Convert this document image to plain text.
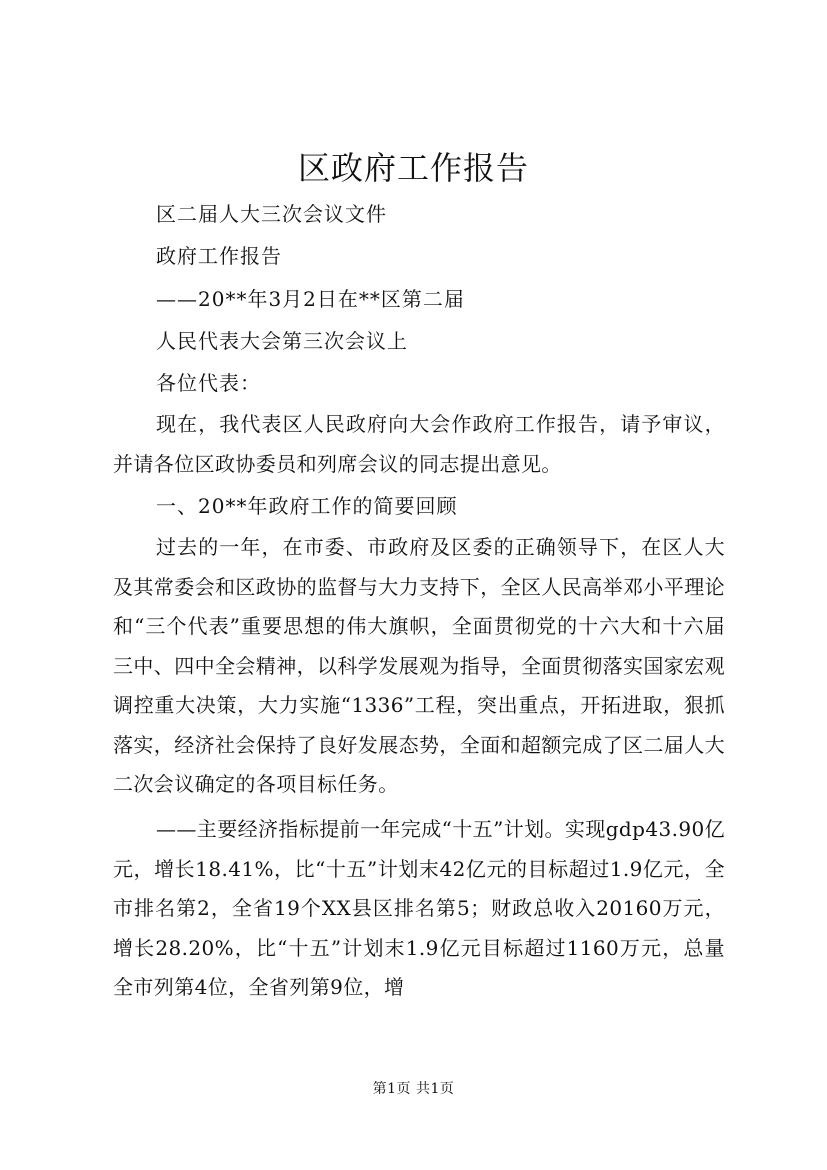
区政府工作报告
区二届人大三次会议文件
政府工作报告
——20**年3月2日在**区第二届
人民代表大会第三次会议上
各位代表：

现在，我代表区人民政府向大会作政府工作报告，请予审议，并请各位区政协委员和列席会议的同志提出意见。

一、20**年政府工作的简要回顾

过去的一年，在市委、市政府及区委的正确领导下，在区人大及其常委会和区政协的监督与大力支持下，全区人民高举邓小平理论和“三个代表”重要思想的伟大旗帜，全面贯彻党的十六大和十六届三中、四中全会精神，以科学发展观为指导，全面贯彻落实国家宏观调控重大决策，大力实施“1336”工程，突出重点，开拓进取，狠抓落实，经济社会保持了良好发展态势，全面和超额完成了区二届人大二次会议确定的各项目标任务。

——主要经济指标提前一年完成“十五”计划。实现gdp43.90亿元，增长18.41%，比“十五”计划末42亿元的目标超过1.9亿元，全市排名第2，全省19个XX县区排名第5；财政总收入20160万元，增长28.20%，比“十五”计划末1.9亿元目标超过1160万元，总量全市列第4位，全省列第9位，增

第1页 共1页
